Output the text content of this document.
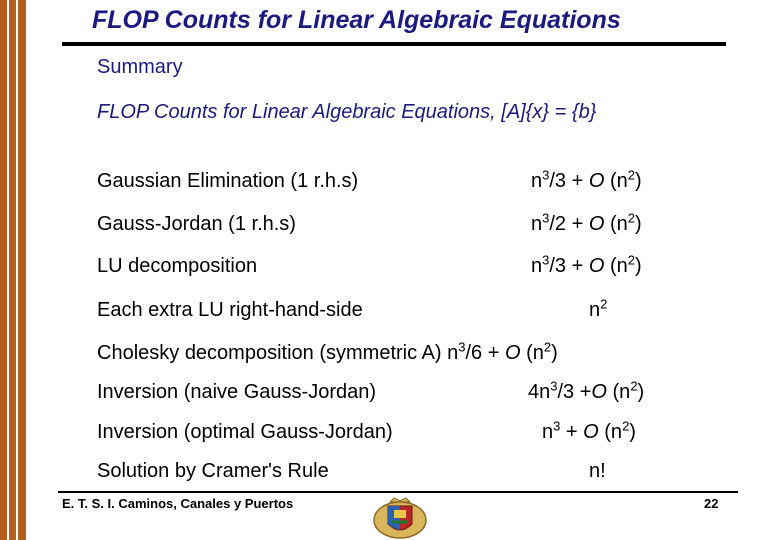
FLOP Counts for Linear Algebraic Equations
Summary
FLOP Counts for Linear Algebraic Equations, [A]{x} = {b}
Gaussian Elimination (1 r.h.s)	$n^3/3 + O$ $(n^2)$
Gauss-Jordan (1 r.h.s)	$n^3/2 + O$ $(n^2)$
LU decomposition	$n^3/3 + O$ $(n^2)$
Each extra LU right-hand-side	$n^2$
Cholesky decomposition (symmetric A) $n^3/6 + O$ $(n^2)$
Inversion (naive Gauss-Jordan)	$4n^3/3 +O$ $(n^2)$
Inversion (optimal Gauss-Jordan)	$n^3 + O$ $(n^2)$
Solution by Cramer's Rule	n!
E. T. S. I. Caminos, Canales y Puertos	22
